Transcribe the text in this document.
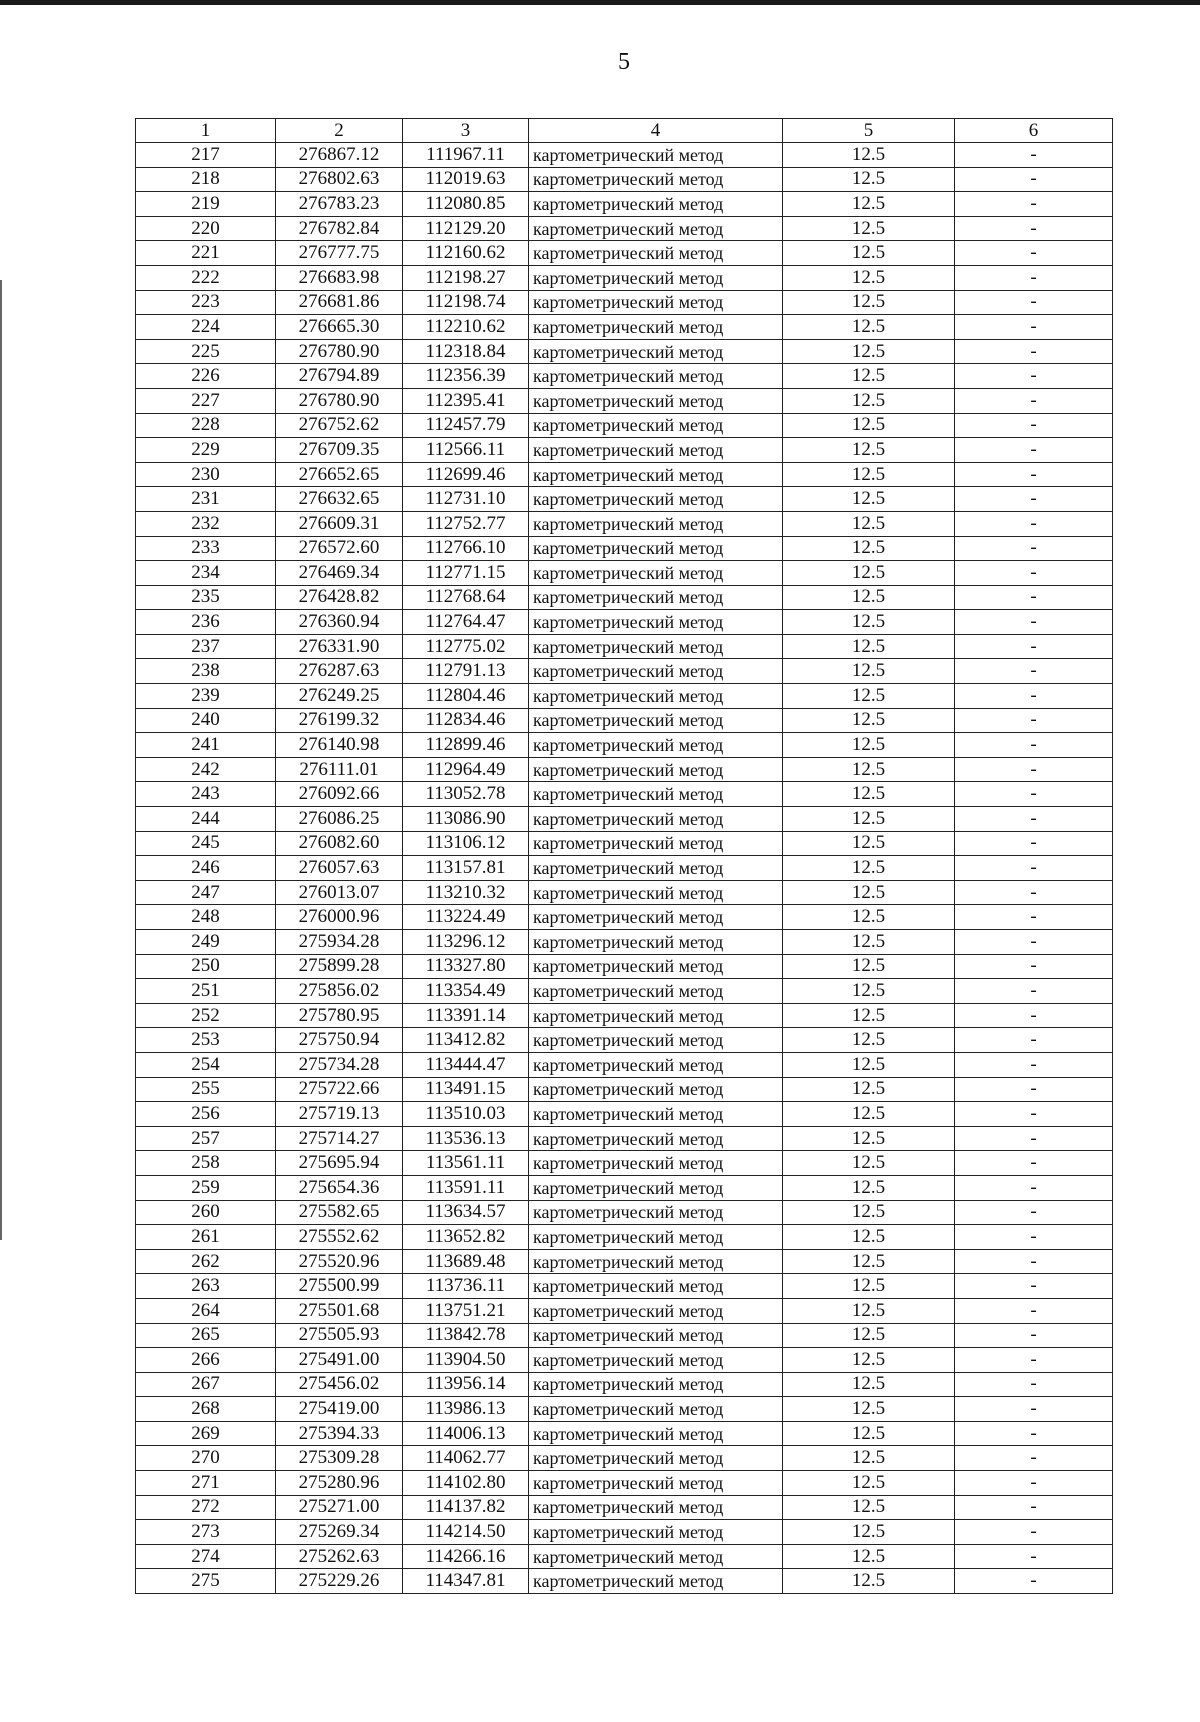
5
1	2	3	4	5	6
217	276867.12	111967.11	картометрический метод	12.5	-
218	276802.63	112019.63	картометрический метод	12.5	-
219	276783.23	112080.85	картометрический метод	12.5	-
220	276782.84	112129.20	картометрический метод	12.5	-
221	276777.75	112160.62	картометрический метод	12.5	-
222	276683.98	112198.27	картометрический метод	12.5	-
223	276681.86	112198.74	картометрический метод	12.5	-
224	276665.30	112210.62	картометрический метод	12.5	-
225	276780.90	112318.84	картометрический метод	12.5	-
226	276794.89	112356.39	картометрический метод	12.5	-
227	276780.90	112395.41	картометрический метод	12.5	-
228	276752.62	112457.79	картометрический метод	12.5	-
229	276709.35	112566.11	картометрический метод	12.5	-
230	276652.65	112699.46	картометрический метод	12.5	-
231	276632.65	112731.10	картометрический метод	12.5	-
232	276609.31	112752.77	картометрический метод	12.5	-
233	276572.60	112766.10	картометрический метод	12.5	-
234	276469.34	112771.15	картометрический метод	12.5	-
235	276428.82	112768.64	картометрический метод	12.5	-
236	276360.94	112764.47	картометрический метод	12.5	-
237	276331.90	112775.02	картометрический метод	12.5	-
238	276287.63	112791.13	картометрический метод	12.5	-
239	276249.25	112804.46	картометрический метод	12.5	-
240	276199.32	112834.46	картометрический метод	12.5	-
241	276140.98	112899.46	картометрический метод	12.5	-
242	276111.01	112964.49	картометрический метод	12.5	-
243	276092.66	113052.78	картометрический метод	12.5	-
244	276086.25	113086.90	картометрический метод	12.5	-
245	276082.60	113106.12	картометрический метод	12.5	-
246	276057.63	113157.81	картометрический метод	12.5	-
247	276013.07	113210.32	картометрический метод	12.5	-
248	276000.96	113224.49	картометрический метод	12.5	-
249	275934.28	113296.12	картометрический метод	12.5	-
250	275899.28	113327.80	картометрический метод	12.5	-
251	275856.02	113354.49	картометрический метод	12.5	-
252	275780.95	113391.14	картометрический метод	12.5	-
253	275750.94	113412.82	картометрический метод	12.5	-
254	275734.28	113444.47	картометрический метод	12.5	-
255	275722.66	113491.15	картометрический метод	12.5	-
256	275719.13	113510.03	картометрический метод	12.5	-
257	275714.27	113536.13	картометрический метод	12.5	-
258	275695.94	113561.11	картометрический метод	12.5	-
259	275654.36	113591.11	картометрический метод	12.5	-
260	275582.65	113634.57	картометрический метод	12.5	-
261	275552.62	113652.82	картометрический метод	12.5	-
262	275520.96	113689.48	картометрический метод	12.5	-
263	275500.99	113736.11	картометрический метод	12.5	-
264	275501.68	113751.21	картометрический метод	12.5	-
265	275505.93	113842.78	картометрический метод	12.5	-
266	275491.00	113904.50	картометрический метод	12.5	-
267	275456.02	113956.14	картометрический метод	12.5	-
268	275419.00	113986.13	картометрический метод	12.5	-
269	275394.33	114006.13	картометрический метод	12.5	-
270	275309.28	114062.77	картометрический метод	12.5	-
271	275280.96	114102.80	картометрический метод	12.5	-
272	275271.00	114137.82	картометрический метод	12.5	-
273	275269.34	114214.50	картометрический метод	12.5	-
274	275262.63	114266.16	картометрический метод	12.5	-
275	275229.26	114347.81	картометрический метод	12.5	-
